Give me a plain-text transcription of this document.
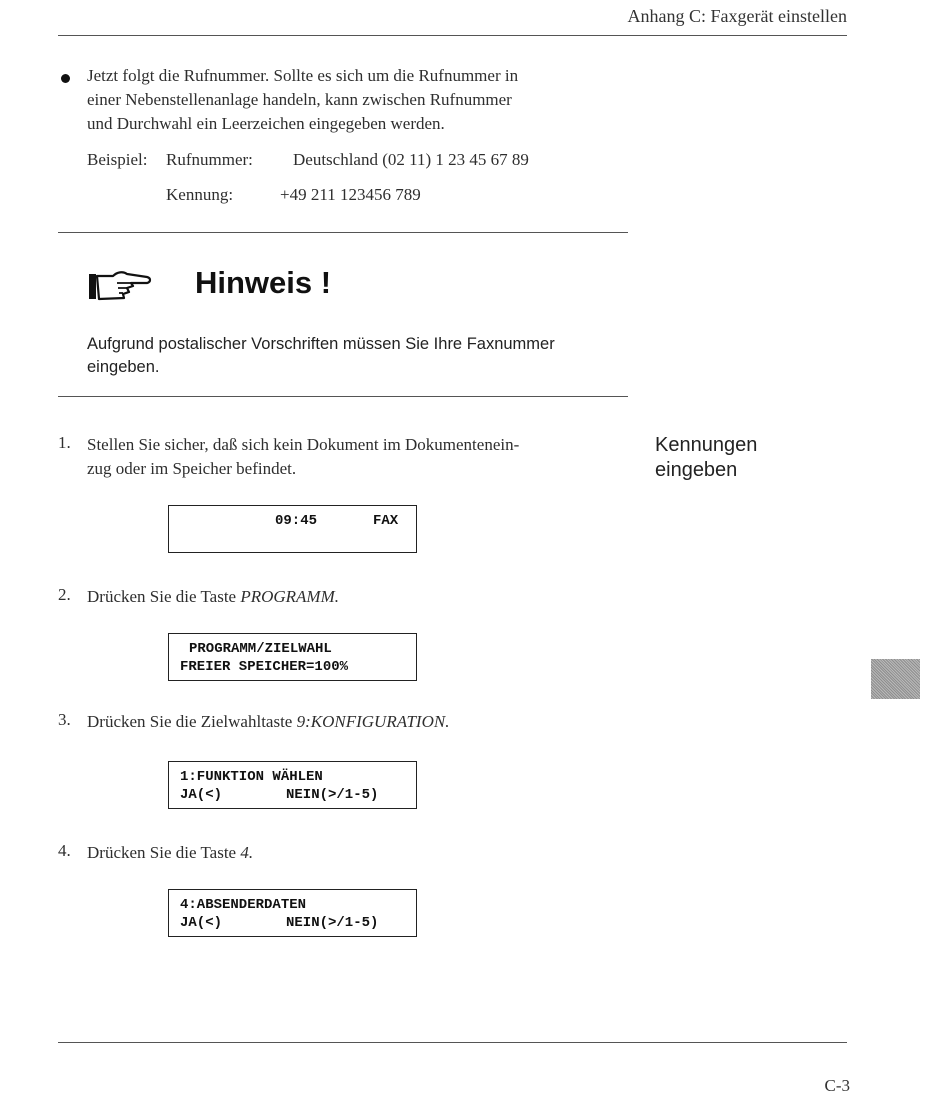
Anhang C: Faxgerät einstellen
Jetzt folgt die Rufnummer. Sollte es sich um die Rufnummer in
einer Nebenstellenanlage handeln, kann zwischen Rufnummer
und Durchwahl ein Leerzeichen eingegeben werden.
Beispiel: Rufnummer: Deutschland (02 11) 1 23 45 67 89
Kennung:	+49 211 123456 789
Hinweis !
Aufgrund postalischer Vorschriften müssen Sie Ihre Faxnummer
eingeben.
Kennungen
eingeben
1. Stellen Sie sicher, daß sich kein Dokument im Dokumentenein-
zug oder im Speicher befindet.
09:45	FAX
2. Drücken Sie die Taste PROGRAMM.
PROGRAMM/ZIELWAHL
FREIER SPEICHER=100%
3. Drücken Sie die Zielwahltaste 9:KONFIGURATION.
1:FUNKTION WÄHLEN
JA(<)	NEIN(>/1-5)
4. Drücken Sie die Taste 4.
4:ABSENDERDATEN
JA(<)	NEIN(>/1-5)
C-3
